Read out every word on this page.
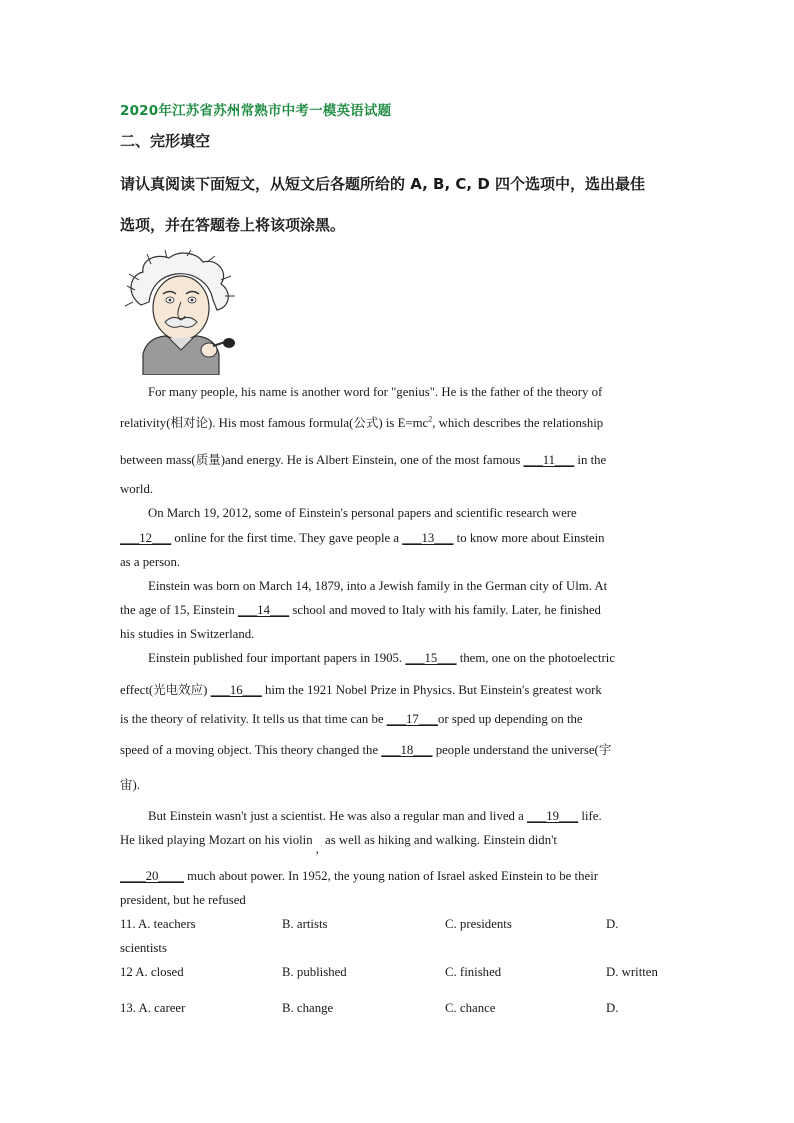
2020年江苏省苏州常熟市中考一模英语试题
二、完形填空
请认真阅读下面短文，从短文后各题所给的 A, B, C, D 四个选项中，选出最佳
选项，并在答题卷上将该项涂黑。
For many people, his name is another word for "genius". He is the father of the theory of
relativity(相对论). His most famous formula(公式) is $E=mc^2$, which describes the relationship
between mass(质量)and energy. He is Albert Einstein, one of the most famous ___11___ in the
world.
On March 19, 2012, some of Einstein's personal papers and scientific research were
___12___ online for the first time. They gave people a ___13___ to know more about Einstein
as a person.
Einstein was born on March 14, 1879, into a Jewish family in the German city of Ulm. At
the age of 15, Einstein ___14___ school and moved to Italy with his family. Later, he finished
his studies in Switzerland.
Einstein published four important papers in 1905. ___15___ them, one on the photoelectric
effect(光电效应) ___16___ him the 1921 Nobel Prize in Physics. But Einstein's greatest work
is the theory of relativity. It tells us that time can be ___17___or sped up depending on the
speed of a moving object. This theory changed the ___18___ people understand the universe(宇
宙).
But Einstein wasn't just a scientist. He was also a regular man and lived a ___19___ life.
He liked playing Mozart on his violin, as well as hiking and walking. Einstein didn't
____20____ much about power. In 1952, the young nation of Israel asked Einstein to be their
president, but he refused
11. A. teachers	B. artists	C. presidents	D.
scientists
12 A. closed	B. published	C. finished	D. written
13. A. career	B. change	C. chance	D.
